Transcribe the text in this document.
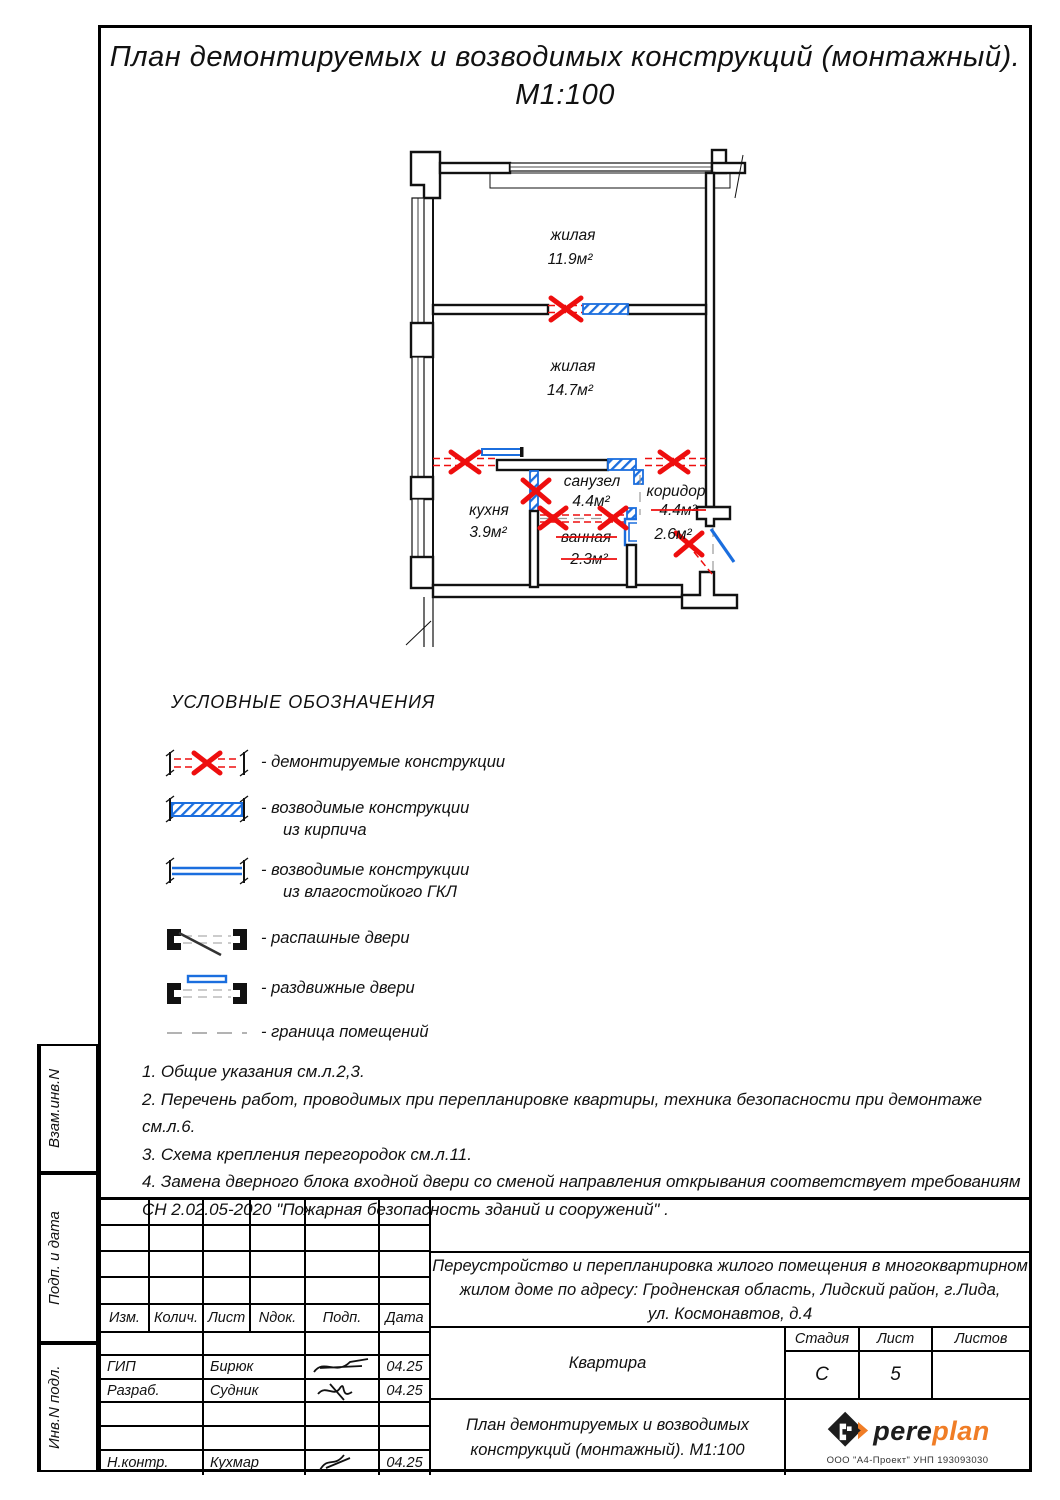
План демонтируемых и возводимых конструкций (монтажный).
М1:100
жилая
11.9м²
жилая
14.7м²
кухня
3.9м²
санузел
4.4м²
ванная
2.3м²
коридор
4.4м²
2.6м²
УСЛОВНЫЕ ОБОЗНАЧЕНИЯ
- демонтируемые конструкции
- возводимые конструкции
из кирпича
- возводимые конструкции
из влагостойкого ГКЛ
- распашные двери
- раздвижные двери
- граница помещений
1. Общие указания см.л.2,3.
2. Перечень работ, проводимых при перепланировке квартиры, техника безопасности при демонтаже см.л.6.
3. Схема крепления перегородок см.л.11.
4. Замена дверного блока входной двери со сменой направления открывания соответствует требованиям
СН 2.02.05-2020 "Пожарная безопасность зданий и сооружений" .
Взам.инв.N
Подп. и дата
Инв.N подл.
Изм. Колич. Лист Nдок.	Подп.	Дата
ГИП	Бирюк	04.25
Разраб.	Судник	04.25
Н.контр.	Кухмар	04.25
Переустройство и перепланировка жилого помещения в многоквартирном
жилом доме по адресу: Гродненская область, Лидский район, г.Лида,
ул. Космонавтов, д.4
Квартира
Стадия	Лист	Листов
С	5
План демонтируемых и возводимых
конструкций (монтажный). М1:100
pereplan
ООО "А4-Проект" УНП 193093030
